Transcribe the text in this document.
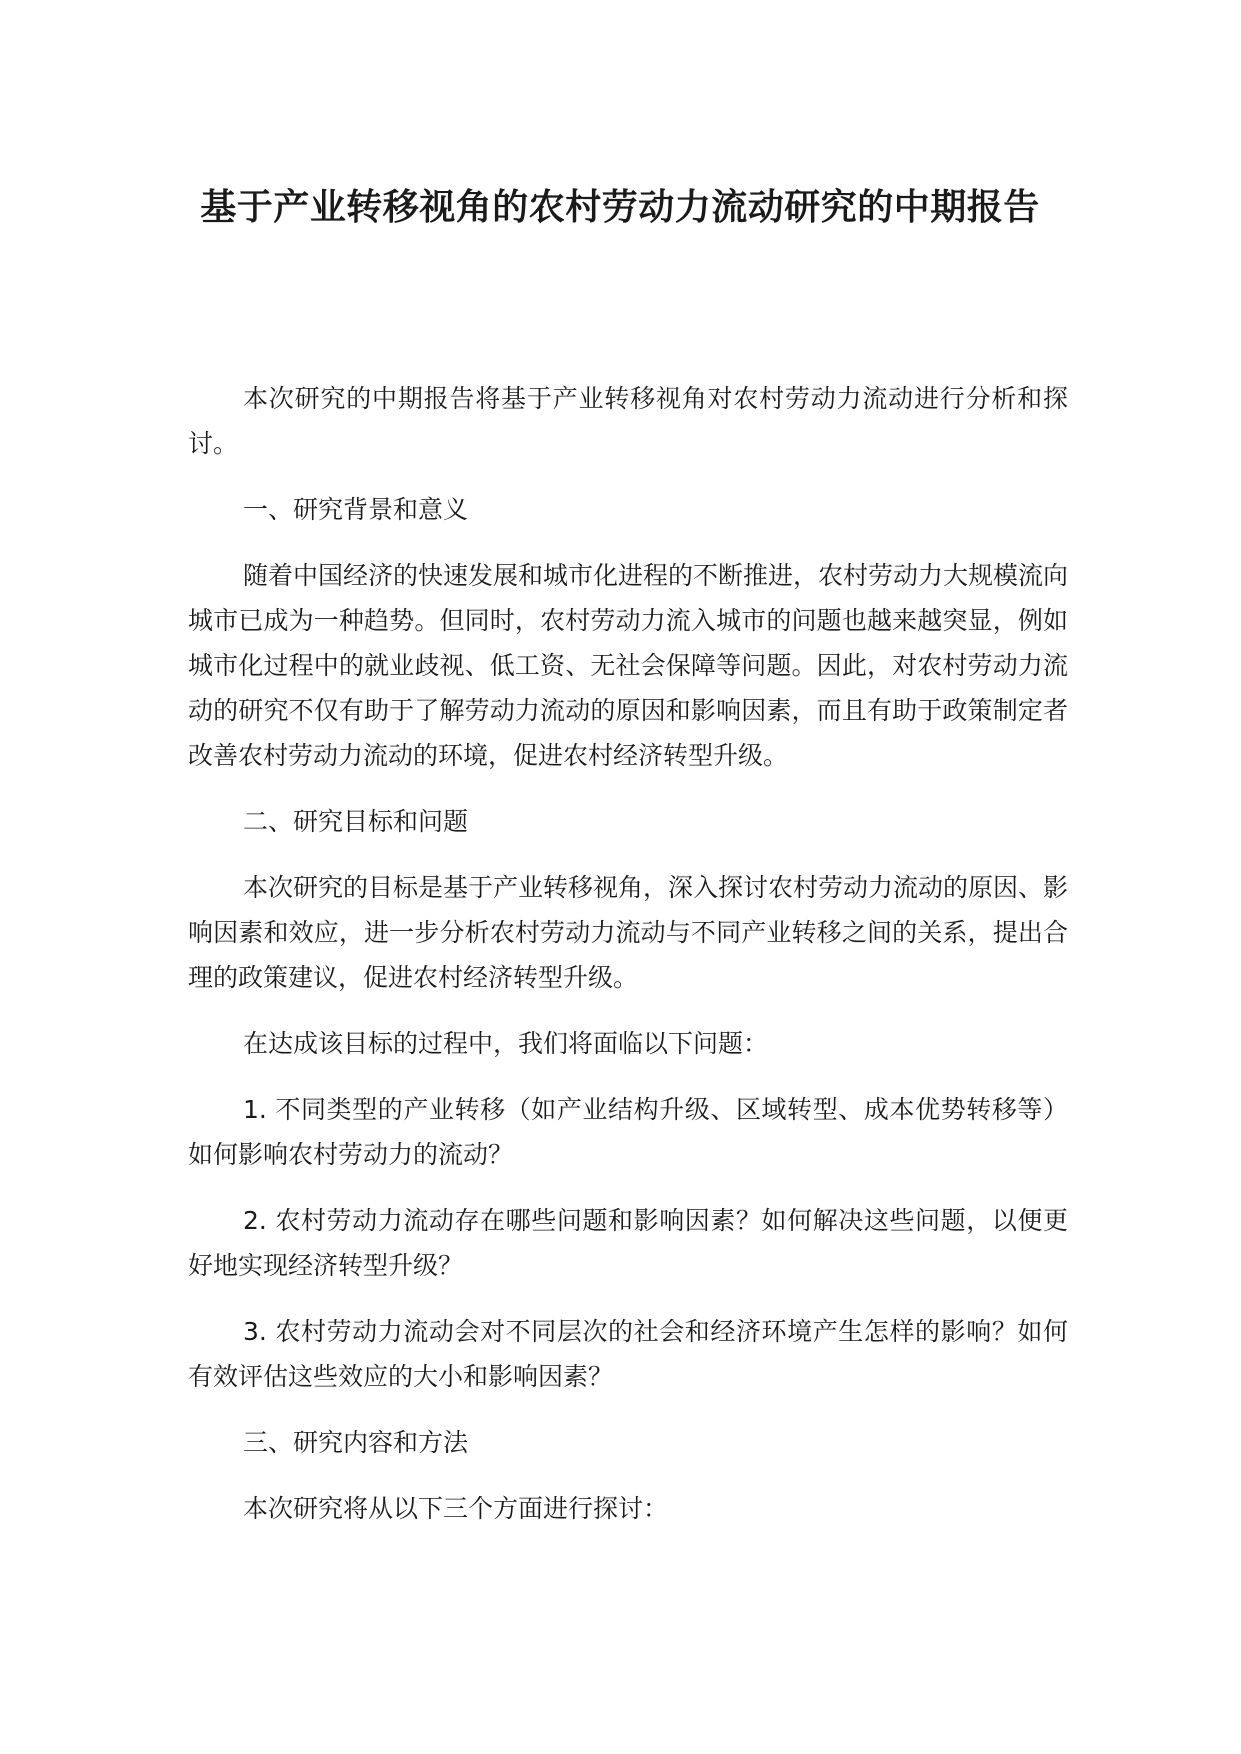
基于产业转移视角的农村劳动力流动研究的中期报告

本次研究的中期报告将基于产业转移视角对农村劳动力流动进行分析和探讨。

一、研究背景和意义

随着中国经济的快速发展和城市化进程的不断推进，农村劳动力大规模流向城市已成为一种趋势。但同时，农村劳动力流入城市的问题也越来越突显，例如城市化过程中的就业歧视、低工资、无社会保障等问题。因此，对农村劳动力流动的研究不仅有助于了解劳动力流动的原因和影响因素，而且有助于政策制定者改善农村劳动力流动的环境，促进农村经济转型升级。

二、研究目标和问题

本次研究的目标是基于产业转移视角，深入探讨农村劳动力流动的原因、影响因素和效应，进一步分析农村劳动力流动与不同产业转移之间的关系，提出合理的政策建议，促进农村经济转型升级。

在达成该目标的过程中，我们将面临以下问题：

1. 不同类型的产业转移（如产业结构升级、区域转型、成本优势转移等）如何影响农村劳动力的流动？

2. 农村劳动力流动存在哪些问题和影响因素？如何解决这些问题，以便更好地实现经济转型升级？

3. 农村劳动力流动会对不同层次的社会和经济环境产生怎样的影响？如何有效评估这些效应的大小和影响因素？

三、研究内容和方法

本次研究将从以下三个方面进行探讨：
